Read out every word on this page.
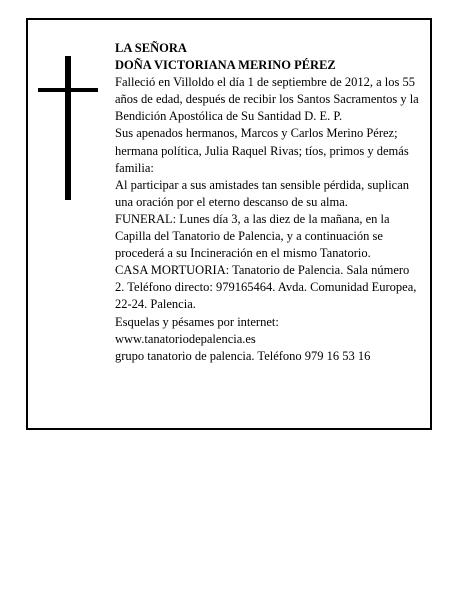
LA SEÑORA

DOÑA VICTORIANA MERINO PÉREZ

Falleció en Villoldo el día 1 de septiembre de 2012, a los 55 años de edad, después de recibir los Santos Sacramentos y la Bendición Apostólica de Su Santidad D. E. P.

Sus apenados hermanos, Marcos y Carlos Merino Pérez; hermana política, Julia Raquel Rivas; tíos, primos y demás familia:

Al participar a sus amistades tan sensible pérdida, suplican una oración por el eterno descanso de su alma.

FUNERAL: Lunes día 3, a las diez de la mañana, en la Capilla del Tanatorio de Palencia, y a continuación se procederá a su Incineración en el mismo Tanatorio.

CASA MORTUORIA: Tanatorio de Palencia. Sala número 2. Teléfono directo: 979165464. Avda. Comunidad Europea, 22-24. Palencia.

Esquelas y pésames por internet:

www.tanatoriodepalencia.es

grupo tanatorio de palencia. Teléfono 979 16 53 16
